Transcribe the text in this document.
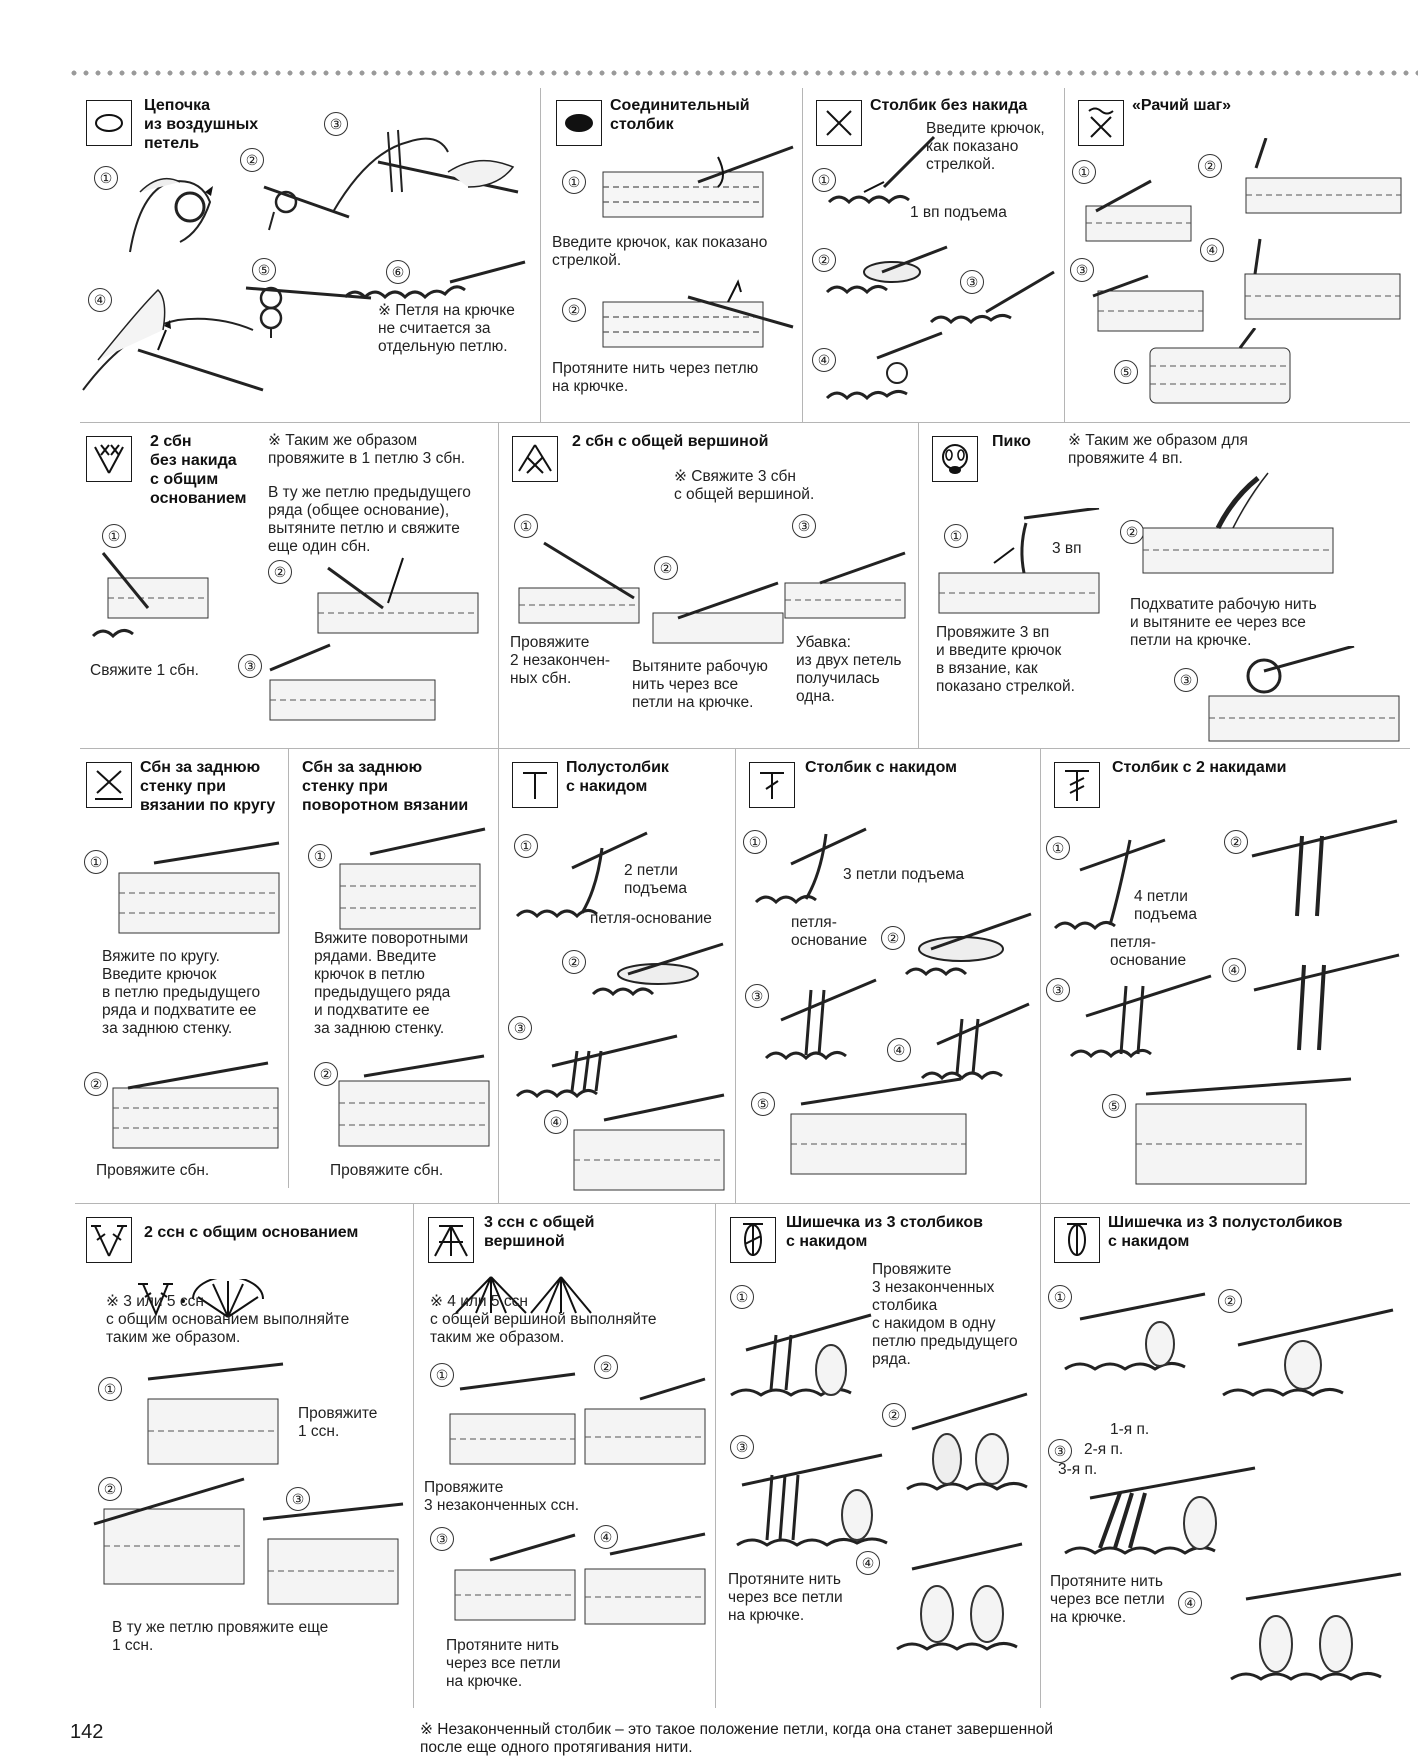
Цепочка
из воздушных
петель
①
②
③
④
⑤	⑥
※ Петля на крючке
не считается за
отдельную петлю.
Соединительный
столбик
①
Введите крючок, как показано
стрелкой.
②
Протяните нить через петлю
на крючке.
Столбик без накида
Введите крючок,
как показано
стрелкой.
1 вп подъема
①
②
③
④
«Рачий шаг»
①	②
③
④
⑤
2 сбн
без накида
с общим
основанием
※ Таким же образом
провяжите в 1 петлю 3 сбн.
В ту же петлю предыдущего
ряда (общее основание),
вытяните петлю и свяжите
еще один сбн.
Свяжите 1 сбн.
①
②
③
2 сбн с общей вершиной
※ Свяжите 3 сбн
с общей вершиной.
Провяжите
2 незакончен-
ных сбн.
Вытяните рабочую
нить через все
петли на крючке.
Убавка:
из двух петель
получилась
одна.
①
②
③
Пико ※ Таким же образом для
провяжите 4 вп.
3 вп
Подхватите рабочую нить
и вытяните ее через все
петли на крючке.
Провяжите 3 вп
и введите крючок
в вязание, как
показано стрелкой.
①	②
③
Сбн за заднюю
стенку при
вязании по кругу
①
Вяжите по кругу.
Введите крючок
в петлю предыдущего
ряда и подхватите ее
за заднюю стенку.
②
Провяжите сбн.
Сбн за заднюю
стенку при
поворотном вязании
①
Вяжите поворотными
рядами. Введите
крючок в петлю
предыдущего ряда
и подхватите ее
за заднюю стенку.
②
Провяжите сбн.
Полустолбик
с накидом
①
②
③
④
2 петли
подъема
петля-основание
Столбик с накидом
①
②
③
④
⑤
3 петли подъема
петля-
основание
Столбик с 2 накидами
①	②
③
④
⑤
4 петли
подъема
петля-
основание
2 ссн с общим основанием
※ 3 или 5 ссн
с общим основанием выполняйте
таким же образом.
①
Провяжите
1 ссн.
②
③
В ту же петлю провяжите еще
1 ссн.
3 ссн с общей
вершиной
※ 4 или 5 ссн
с общей вершиной выполняйте
таким же образом.
①	②
Провяжите
3 незаконченных ссн.
③	④
Протяните нить
через все петли
на крючке.
Шишечка из 3 столбиков
с накидом
Провяжите
3 незаконченных
столбика
с накидом в одну
петлю предыдущего
ряда.
①
②
③
Протяните нить
через все петли
на крючке.
④
Шишечка из 3 полустолбиков
с накидом
①	②
③
1-я п.
2-я п.
3-я п.
Протяните нить
через все петли
на крючке.
④
142	※ Незаконченный столбик – это такое положение петли, когда она станет завершенной
после еще одного протягивания нити.
